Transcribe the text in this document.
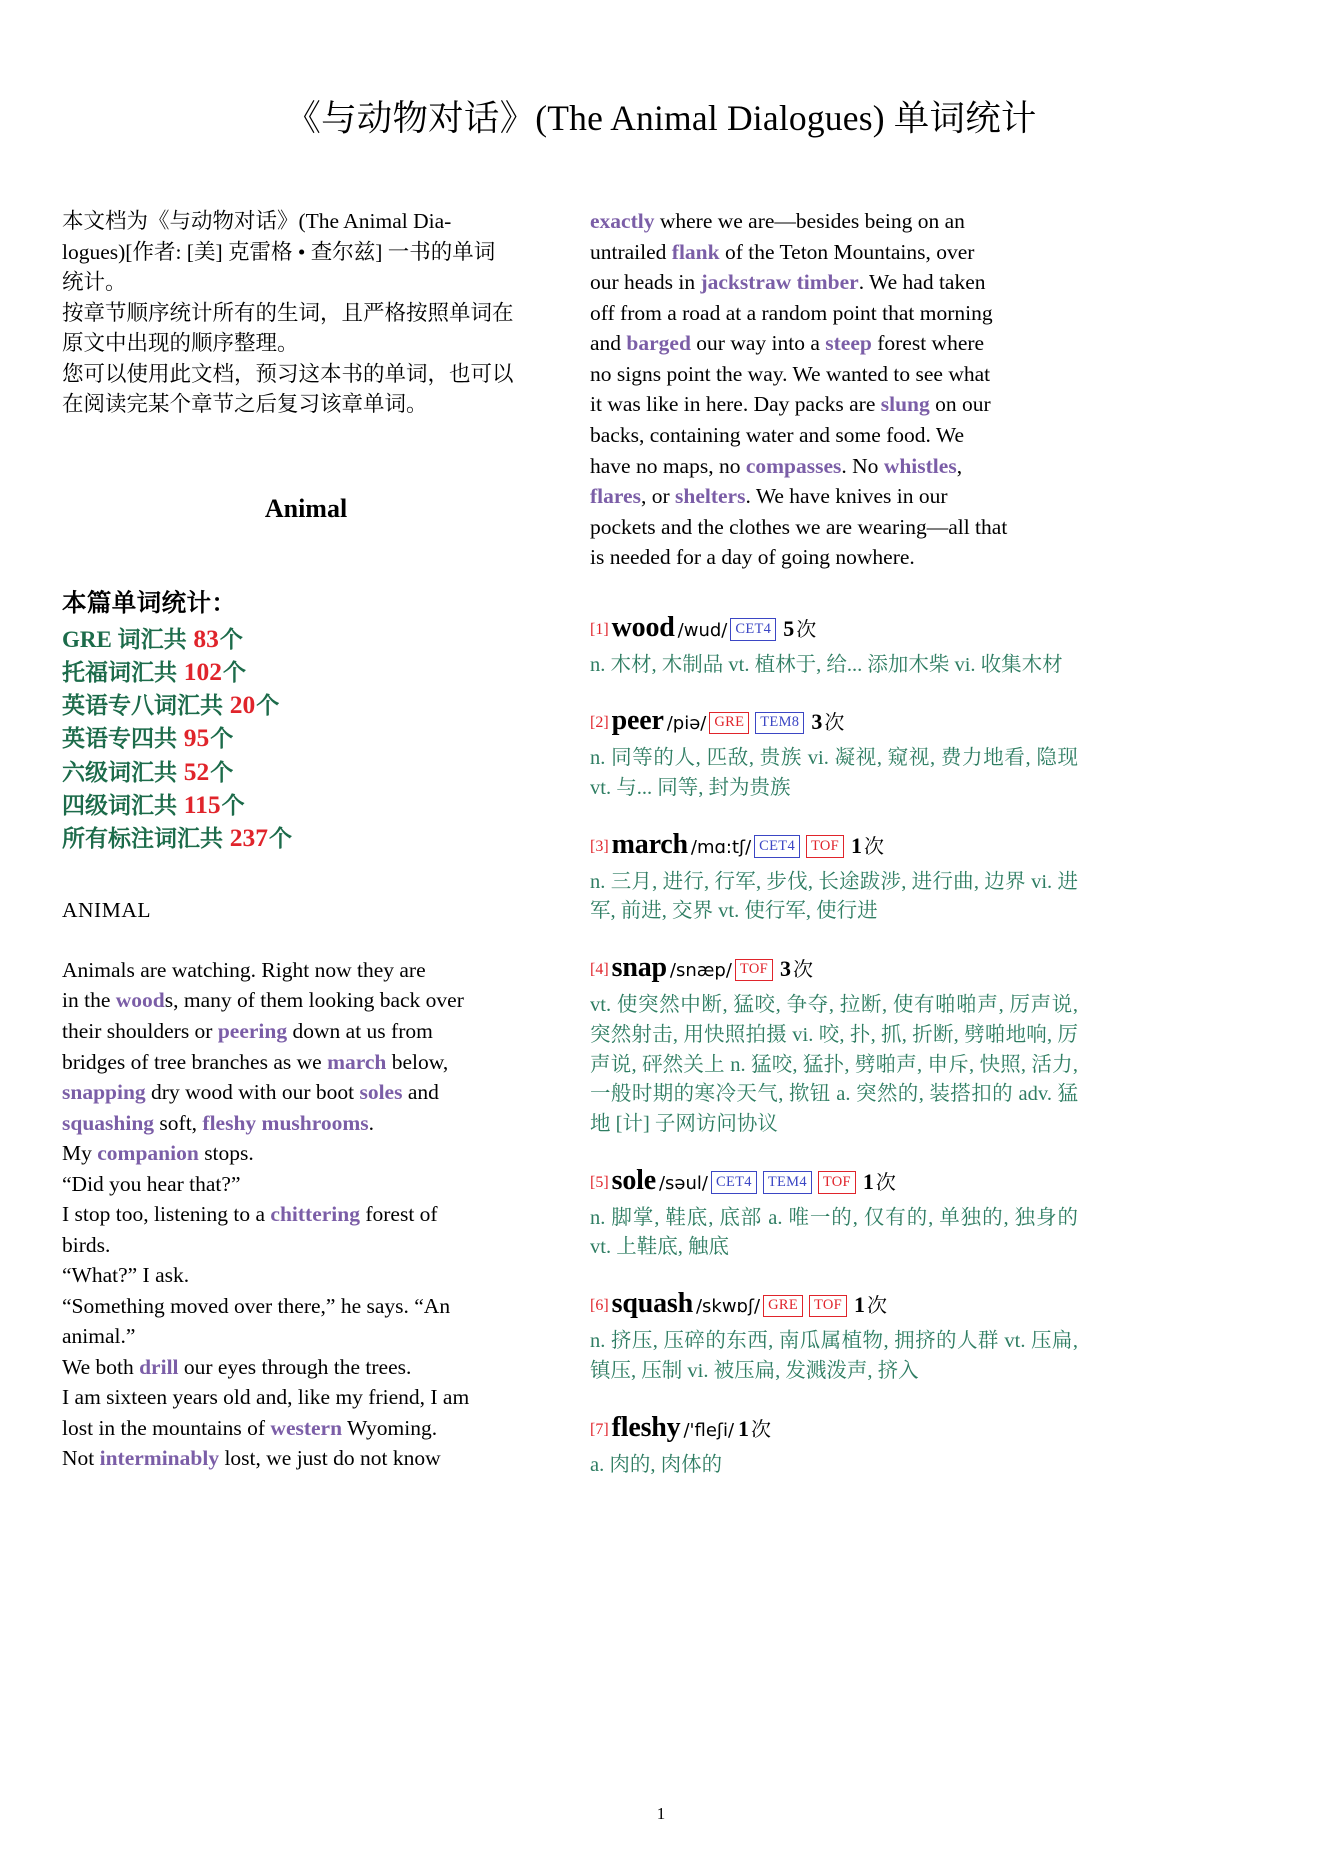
《与动物对话》(The Animal Dialogues) 单词统计

本文档为《与动物对话》(The Animal Dia-

logues)[作者: [美] 克雷格 • 查尔兹] 一书的单词

统计。

按章节顺序统计所有的生词，且严格按照单词在

原文中出现的顺序整理。

您可以使用此文档，预习这本书的单词，也可以

在阅读完某个章节之后复习该章单词。

Animal
本篇单词统计：
GRE 词汇共 83个
托福词汇共 102个
英语专八词汇共 20个
英语专四共 95个
六级词汇共 52个
四级词汇共 115个
所有标注词汇共 237个
ANIMAL

Animals are watching. Right now they are

in the woods, many of them looking back over

their shoulders or peering down at us from

bridges of tree branches as we march below,

snapping dry wood with our boot soles and

squashing soft, fleshy mushrooms.

My companion stops.

“Did you hear that?”

I stop too, listening to a chittering forest of

birds.

“What?” I ask.

“Something moved over there,” he says. “An

animal.”

We both drill our eyes through the trees.

I am sixteen years old and, like my friend, I am

lost in the mountains of western Wyoming.

Not interminably lost, we just do not know

exactly where we are—besides being on an

untrailed flank of the Teton Mountains, over

our heads in jackstraw timber. We had taken

off from a road at a random point that morning

and barged our way into a steep forest where

no signs point the way. We wanted to see what

it was like in here. Day packs are slung on our

backs, containing water and some food. We

have no maps, no compasses. No whistles,

flares, or shelters. We have knives in our

pockets and the clothes we are wearing—all that

is needed for a day of going nowhere.

[1] wood /wud/ CET4 5 次
n. 木材, 木制品 vt. 植林于, 给... 添加木柴 vi. 收集木材
[2] peer /piə/ GRE TEM8 3 次
n. 同等的人, 匹敌, 贵族 vi. 凝视, 窥视, 费力地看, 隐现 vt. 与... 同等, 封为贵族
[3] march /mɑ:tʃ/ CET4 TOF 1 次
n. 三月, 进行, 行军, 步伐, 长途跋涉, 进行曲, 边界 vi. 进军, 前进, 交界 vt. 使行军, 使行进
[4] snap /snæp/ TOF 3 次
vt. 使突然中断, 猛咬, 争夺, 拉断, 使有啪啪声, 厉声说, 突然射击, 用快照拍摄 vi. 咬, 扑, 抓, 折断, 劈啪地响, 厉声说, 砰然关上 n. 猛咬, 猛扑, 劈啪声, 申斥, 快照, 活力, 一般时期的寒冷天气, 揿钮 a. 突然的, 装搭扣的 adv. 猛地 [计] 子网访问协议
[5] sole /səul/ CET4 TEM4 TOF 1 次
n. 脚掌, 鞋底, 底部 a. 唯一的, 仅有的, 单独的, 独身的 vt. 上鞋底, 触底
[6] squash /skwɒʃ/ GRE TOF 1 次
n. 挤压, 压碎的东西, 南瓜属植物, 拥挤的人群 vt. 压扁, 镇压, 压制 vi. 被压扁, 发溅泼声, 挤入
[7] fleshy /'fleʃi/ 1 次
a. 肉的, 肉体的
1
